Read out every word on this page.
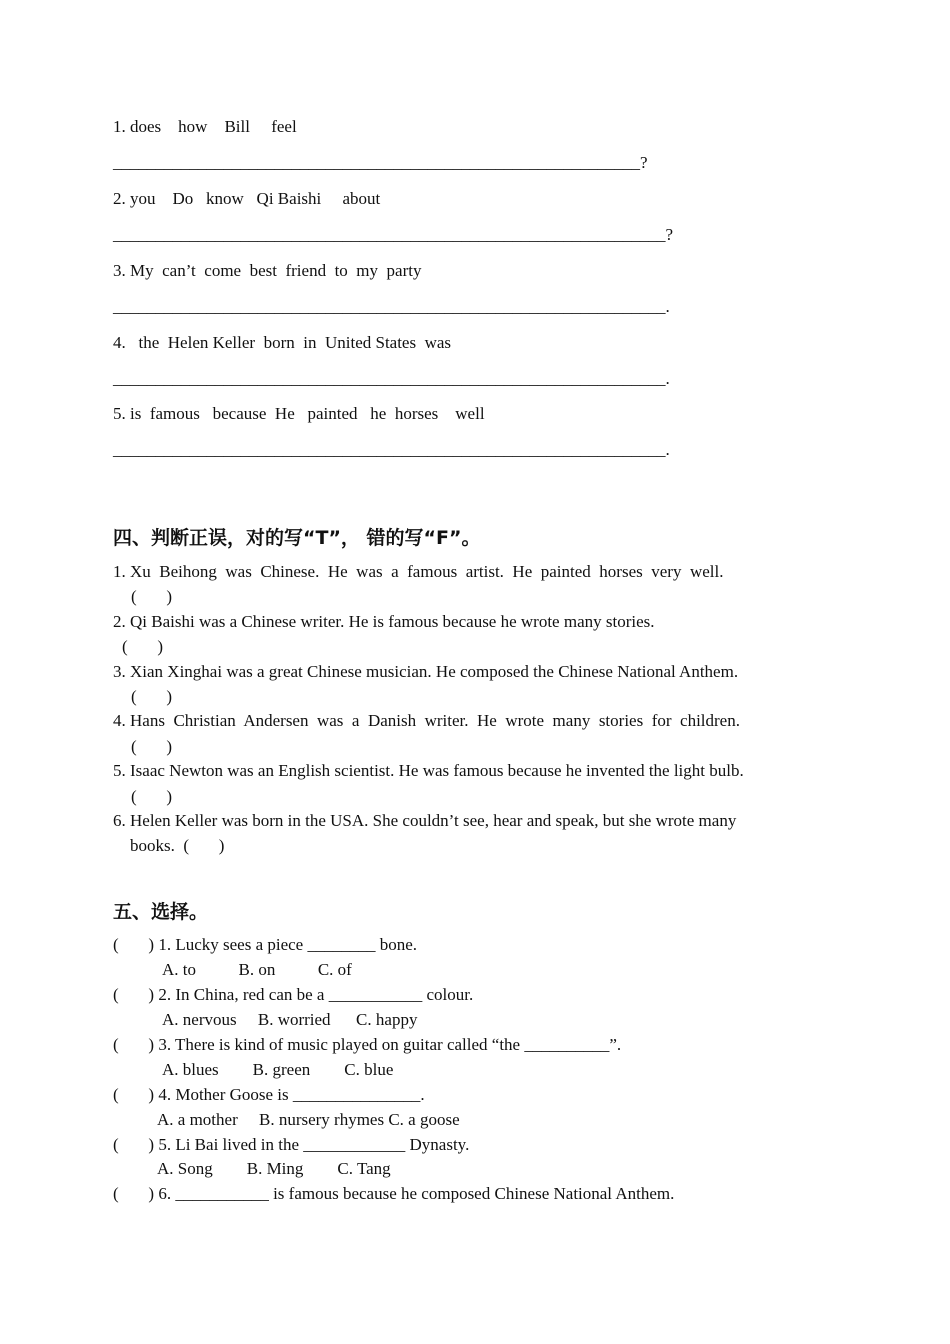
1. does    how    Bill     feel
______________________________________________________________?
2. you    Do   know   Qi Baishi     about
_________________________________________________________________?
3. My  can’t  come  best  friend  to  my  party
_________________________________________________________________.
4.   the  Helen Keller  born  in  United States  was
_________________________________________________________________.
5. is  famous   because  He   painted   he  horses    well
_________________________________________________________________.
四、判断正误，对的写“T”， 错的写“F”。
1. Xu  Beihong  was  Chinese.  He  was  a  famous  artist.  He  painted  horses  very  well.
(       )
2. Qi Baishi was a Chinese writer. He is famous because he wrote many stories.
(       )
3. Xian Xinghai was a great Chinese musician. He composed the Chinese National Anthem.
(       )
4. Hans  Christian  Andersen  was  a  Danish  writer.  He  wrote  many  stories  for  children.
(       )
5. Isaac Newton was an English scientist. He was famous because he invented the light bulb.
(       )
6. Helen Keller was born in the USA. She couldn’t see, hear and speak, but she wrote many
books.  (       )
五、选择。
(       ) 1. Lucky sees a piece ________ bone.
A. to          B. on          C. of
(       ) 2. In China, red can be a ___________ colour.
A. nervous     B. worried      C. happy
(       ) 3. There is kind of music played on guitar called “the __________”.
A. blues        B. green        C. blue
(       ) 4. Mother Goose is _______________.
A. a mother     B. nursery rhymes C. a goose
(       ) 5. Li Bai lived in the ____________ Dynasty.
A. Song        B. Ming        C. Tang
(       ) 6. ___________ is famous because he composed Chinese National Anthem.
